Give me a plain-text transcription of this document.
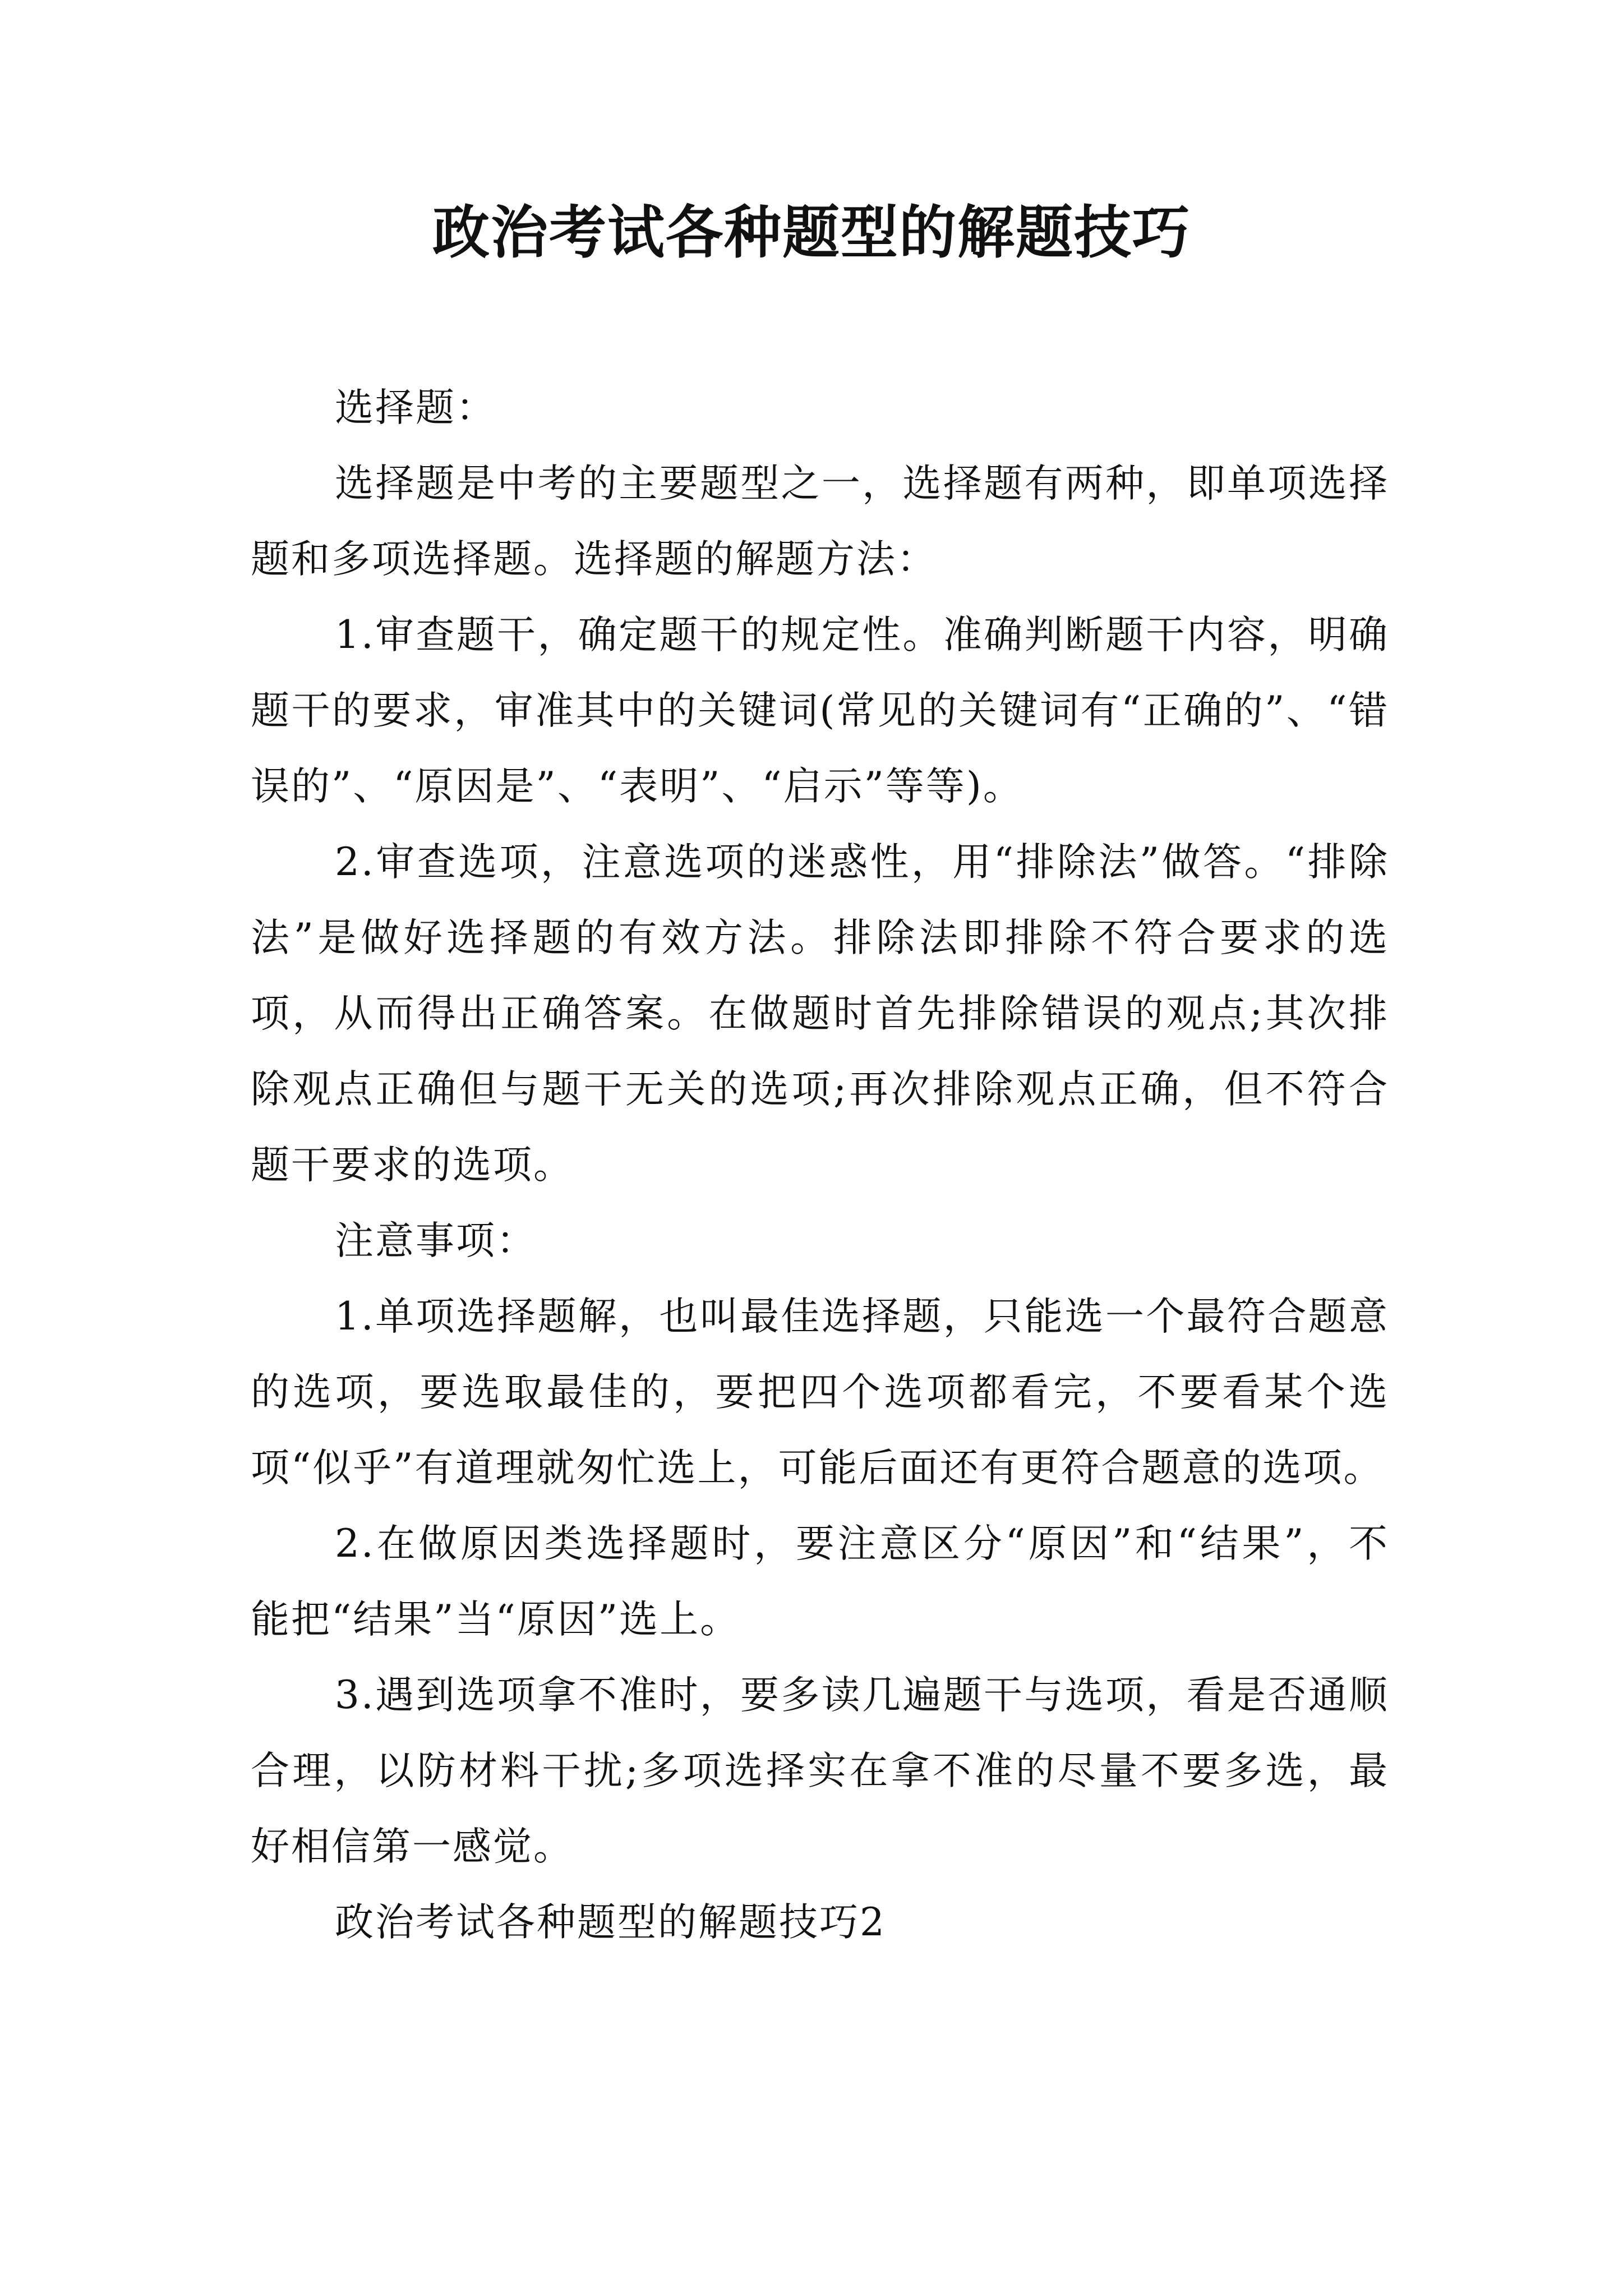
政治考试各种题型的解题技巧

选择题：

选择题是中考的主要题型之一，选择题有两种，即单项选择题和多项选择题。选择题的解题方法：

1.审查题干，确定题干的规定性。准确判断题干内容，明确题干的要求，审准其中的关键词(常见的关键词有“正确的”、“错误的”、“原因是”、“表明”、“启示”等等)。

2.审查选项，注意选项的迷惑性，用“排除法”做答。“排除法”是做好选择题的有效方法。排除法即排除不符合要求的选项，从而得出正确答案。在做题时首先排除错误的观点;其次排除观点正确但与题干无关的选项;再次排除观点正确，但不符合题干要求的选项。

注意事项：

1.单项选择题解，也叫最佳选择题，只能选一个最符合题意的选项，要选取最佳的，要把四个选项都看完，不要看某个选项“似乎”有道理就匆忙选上，可能后面还有更符合题意的选项。

2.在做原因类选择题时，要注意区分“原因”和“结果”，不能把“结果”当“原因”选上。

3.遇到选项拿不准时，要多读几遍题干与选项，看是否通顺合理，以防材料干扰;多项选择实在拿不准的尽量不要多选，最好相信第一感觉。

政治考试各种题型的解题技巧2
